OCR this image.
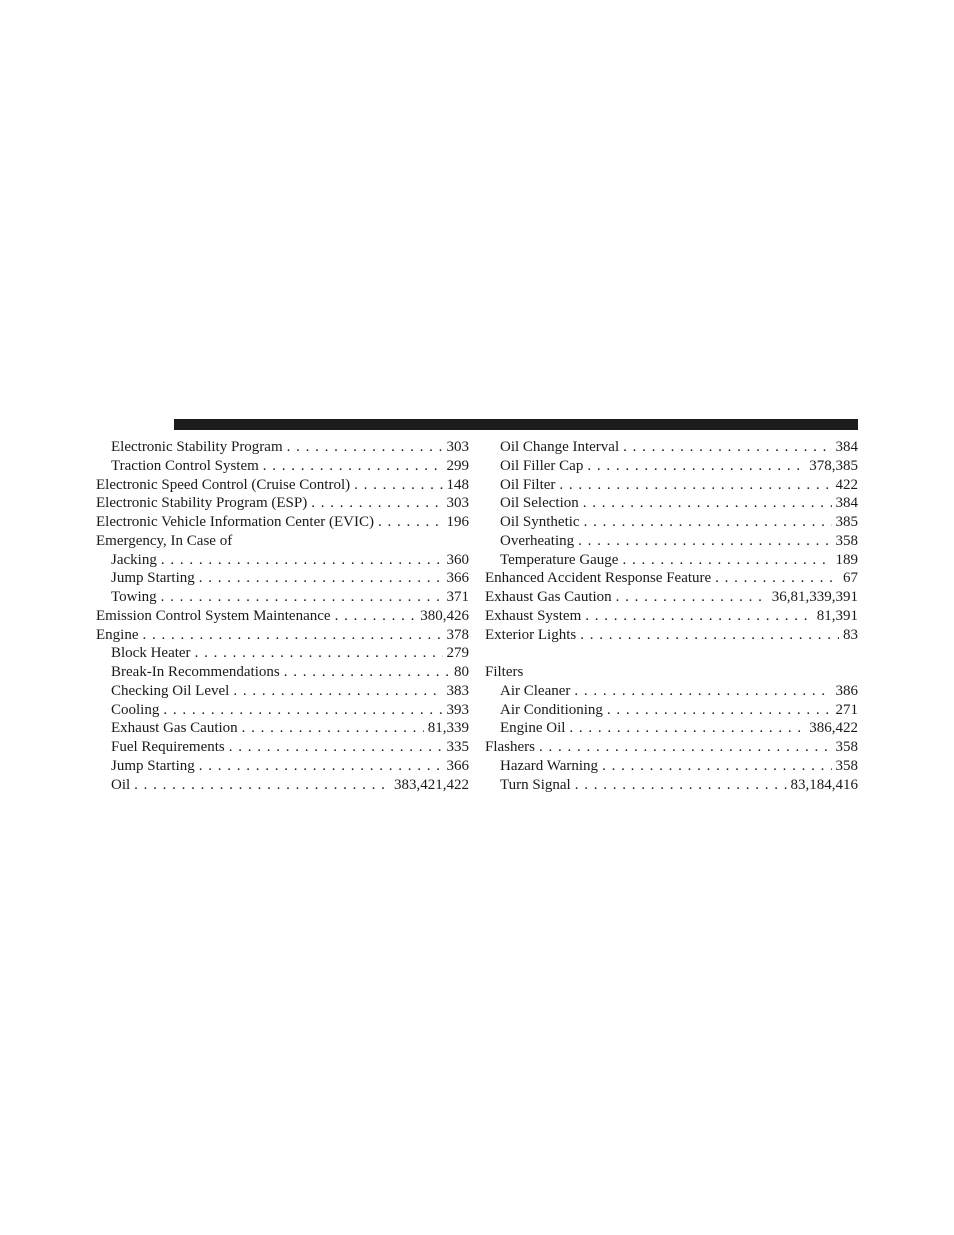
Electronic Stability Program . . .	303
Traction Control System . . .	299
Electronic Speed Control (Cruise Control) . . .	148
Electronic Stability Program (ESP) . . .	303
Electronic Vehicle Information Center (EVIC) . . .	196
Emergency, In Case of
Jacking . . .	360
Jump Starting . . .	366
Towing . . .	371
Emission Control System Maintenance . . .	380,426
Engine . . .	378
Block Heater . . .	279
Break-In Recommendations . . .	80
Checking Oil Level . . .	383
Cooling . . .	393
Exhaust Gas Caution . . .	81,339
Fuel Requirements . . .	335
Jump Starting . . .	366
Oil . . .	383,421,422
Oil Change Interval . . .	384
Oil Filler Cap . . .	378,385
Oil Filter . . .	422
Oil Selection . . .	384
Oil Synthetic . . .	385
Overheating . . .	358
Temperature Gauge . . .	189
Enhanced Accident Response Feature . . .	67
Exhaust Gas Caution . . .	36,81,339,391
Exhaust System . . .	81,391
Exterior Lights . . .	83
Filters
Air Cleaner . . .	386
Air Conditioning . . .	271
Engine Oil . . .	386,422
Flashers . . .	358
Hazard Warning . . .	358
Turn Signal . . .	83,184,416
